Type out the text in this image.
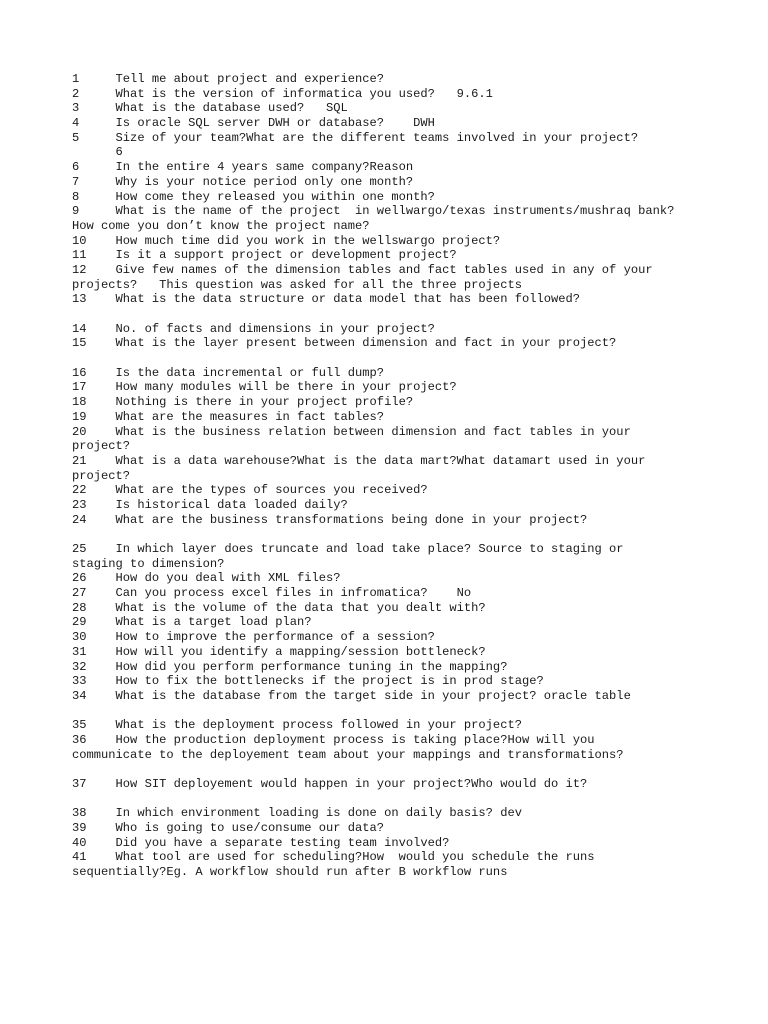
1     Tell me about project and experience?
2     What is the version of informatica you used?   9.6.1
3     What is the database used?   SQL
4     Is oracle SQL server DWH or database?    DWH
5     Size of your team?What are the different teams involved in your project?
6
6     In the entire 4 years same company?Reason
7     Why is your notice period only one month?
8     How come they released you within one month?
9     What is the name of the project  in wellwargo/texas instruments/mushraq bank?
How come you don’t know the project name?
10    How much time did you work in the wellswargo project?
11    Is it a support project or development project?
12    Give few names of the dimension tables and fact tables used in any of your
projects?   This question was asked for all the three projects
13    What is the data structure or data model that has been followed?
14    No. of facts and dimensions in your project?
15    What is the layer present between dimension and fact in your project?
16    Is the data incremental or full dump?
17    How many modules will be there in your project?
18    Nothing is there in your project profile?
19    What are the measures in fact tables?
20    What is the business relation between dimension and fact tables in your
project?
21    What is a data warehouse?What is the data mart?What datamart used in your
project?
22    What are the types of sources you received?
23    Is historical data loaded daily?
24    What are the business transformations being done in your project?
25    In which layer does truncate and load take place? Source to staging or
staging to dimension?
26    How do you deal with XML files?
27    Can you process excel files in infromatica?    No
28    What is the volume of the data that you dealt with?
29    What is a target load plan?
30    How to improve the performance of a session?
31    How will you identify a mapping/session bottleneck?
32    How did you perform performance tuning in the mapping?
33    How to fix the bottlenecks if the project is in prod stage?
34    What is the database from the target side in your project? oracle table
35    What is the deployment process followed in your project?
36    How the production deployment process is taking place?How will you
communicate to the deployement team about your mappings and transformations?
37    How SIT deployement would happen in your project?Who would do it?
38    In which environment loading is done on daily basis? dev
39    Who is going to use/consume our data?
40    Did you have a separate testing team involved?
41    What tool are used for scheduling?How  would you schedule the runs
sequentially?Eg. A workflow should run after B workflow runs
